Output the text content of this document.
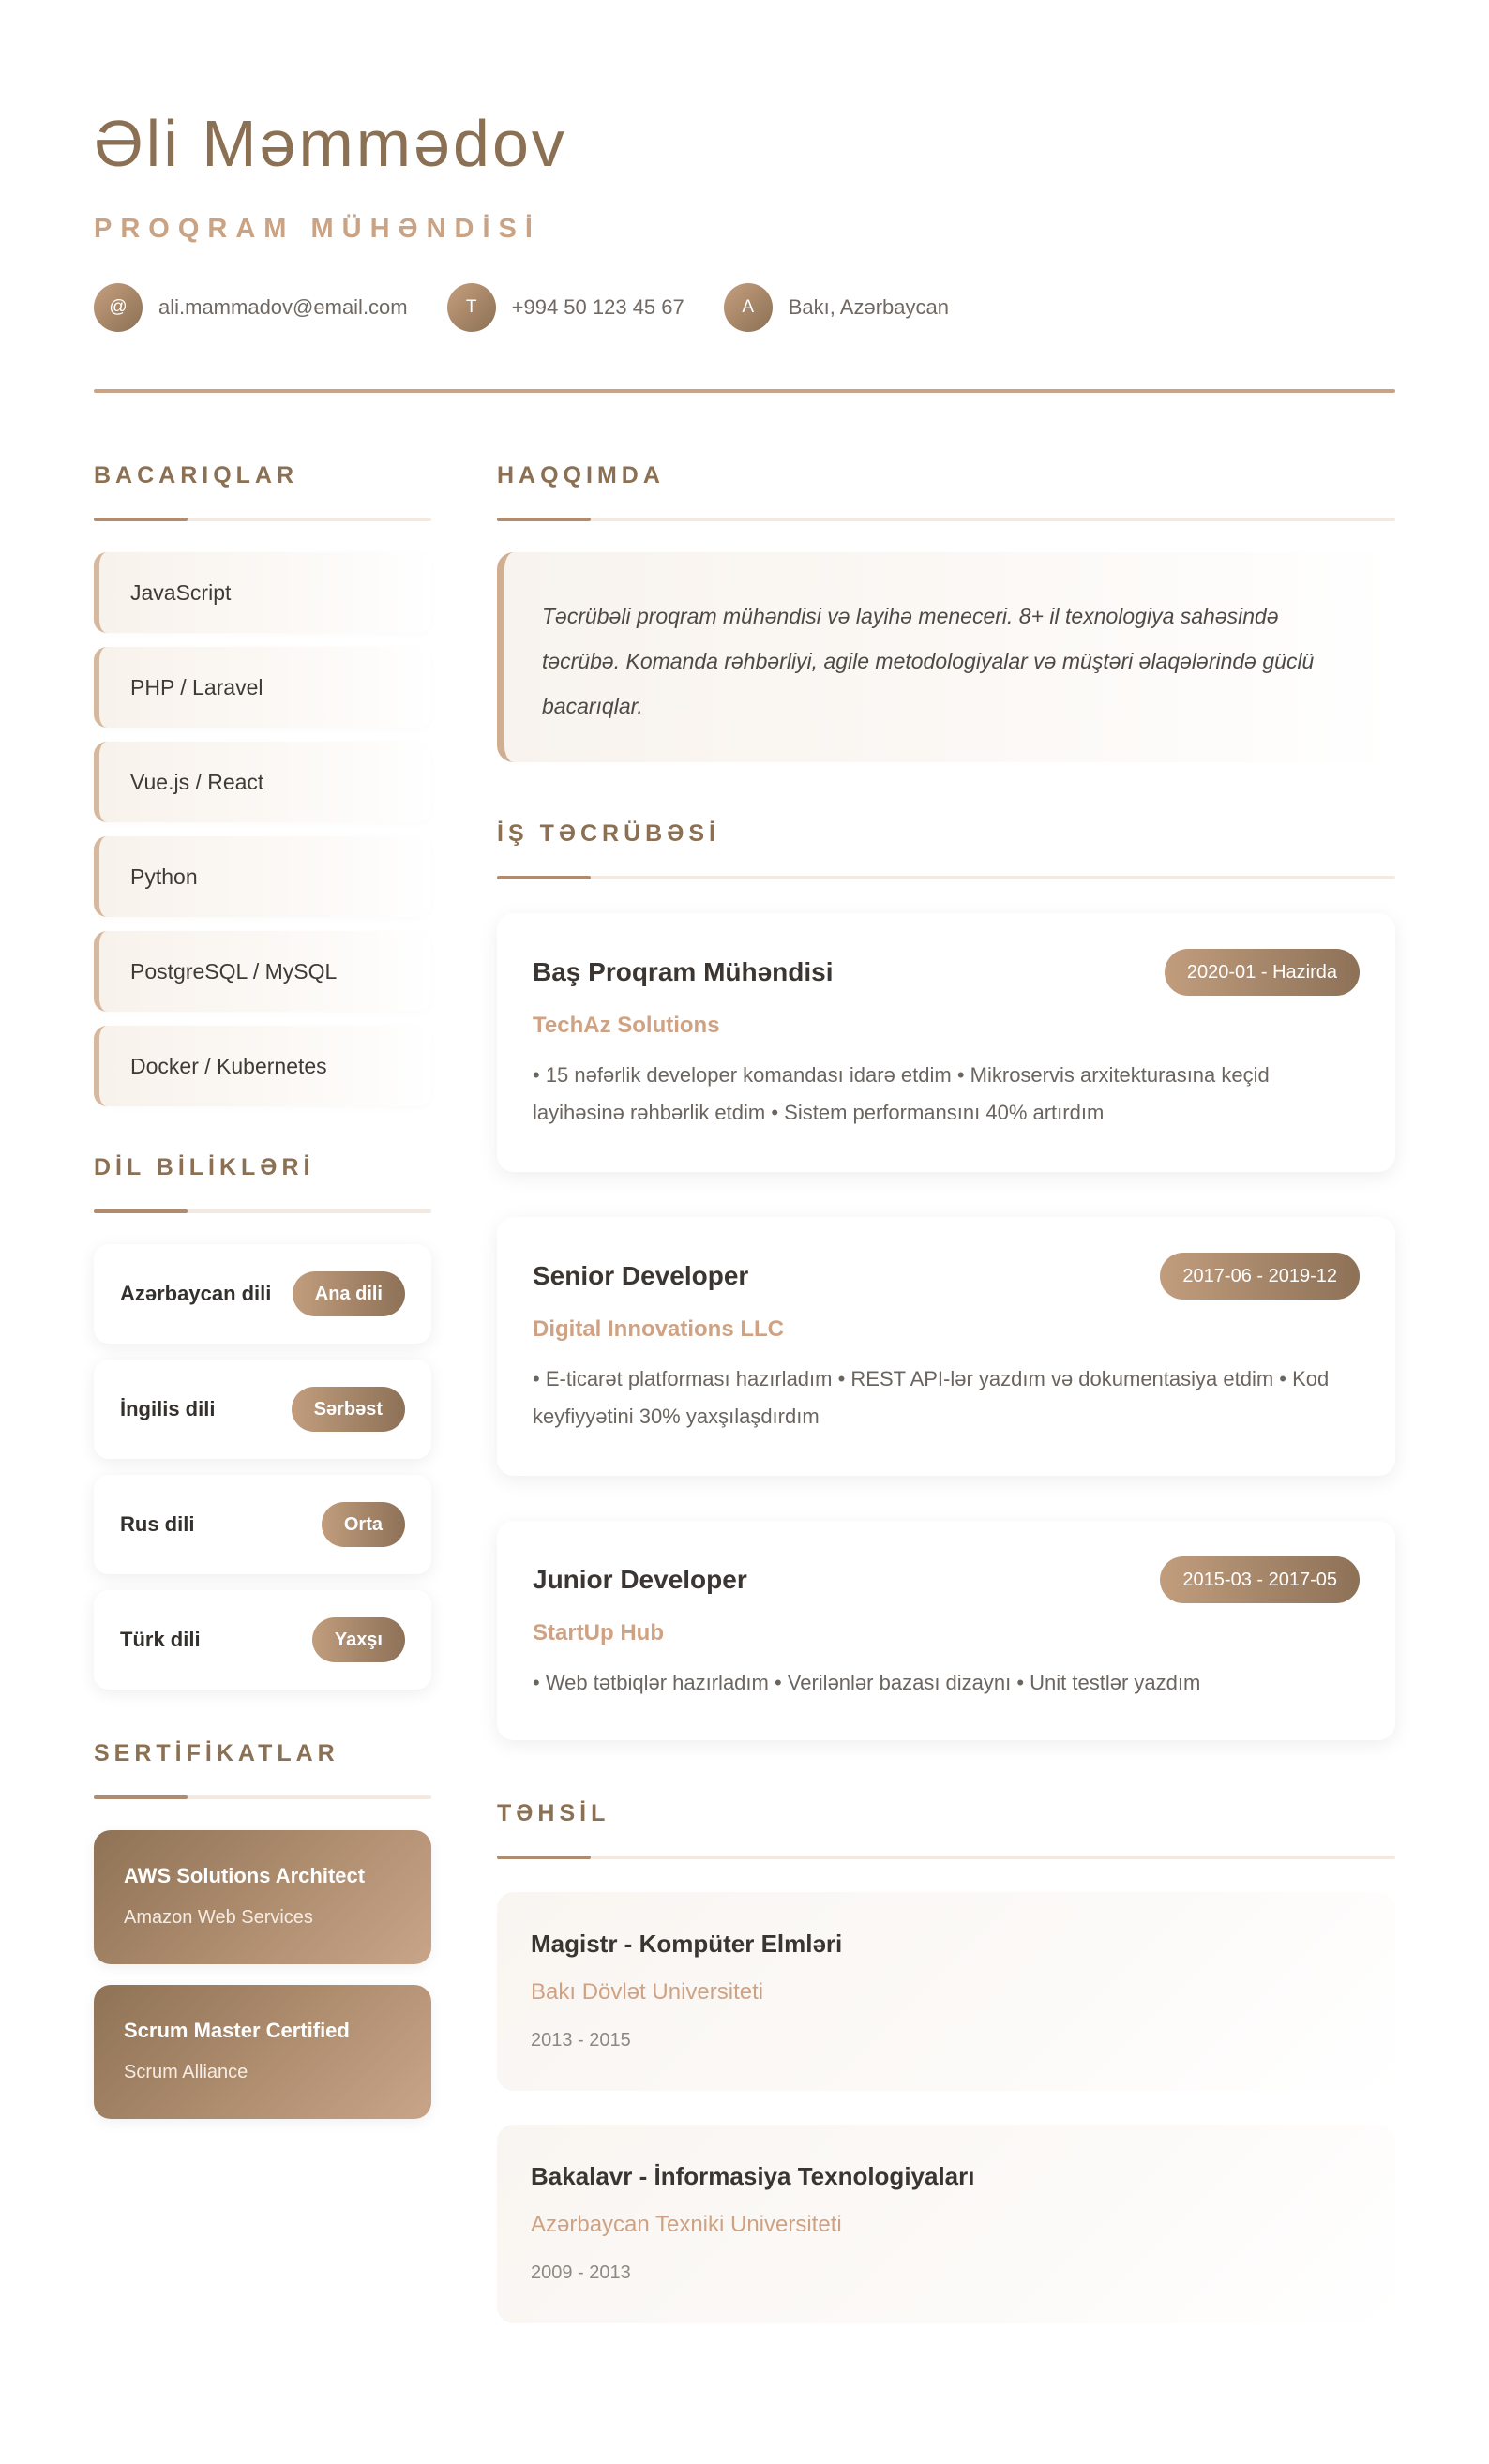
Əli Məmmədov
PROQRAM MÜHƏNDİSİ
@	ali.mammadov@email.com	T	+994 50 123 45 67	A	Bakı, Azərbaycan
BACARIQLAR
JavaScript
PHP / Laravel
Vue.js / React
Python
PostgreSQL / MySQL
Docker / Kubernetes
DİL BİLİKLƏRİ
Azərbaycan dili	Ana dili
İngilis dili	Sərbəst
Rus dili	Orta
Türk dili	Yaxşı
SERTİFİKATLAR
AWS Solutions Architect
Amazon Web Services
Scrum Master Certified
Scrum Alliance
HAQQIMDA
Təcrübəli proqram mühəndisi və layihə meneceri. 8+ il texnologiya sahəsində təcrübə. Komanda rəhbərliyi, agile metodologiyalar və müştəri əlaqələrində güclü bacarıqlar.
İŞ TƏCRÜBƏSİ
Baş Proqram Mühəndisi	2020-01 - Hazirda
TechAz Solutions
• 15 nəfərlik developer komandası idarə etdim • Mikroservis arxitekturasına keçid layihəsinə rəhbərlik etdim • Sistem performansını 40% artırdım
Senior Developer	2017-06 - 2019-12
Digital Innovations LLC
• E-ticarət platforması hazırladım • REST API-lər yazdım və dokumentasiya etdim • Kod keyfiyyətini 30% yaxşılaşdırdım
Junior Developer	2015-03 - 2017-05
StartUp Hub
• Web tətbiqlər hazırladım • Verilənlər bazası dizaynı • Unit testlər yazdım
TƏHSİL
Magistr - Kompüter Elmləri
Bakı Dövlət Universiteti
2013 - 2015
Bakalavr - İnformasiya Texnologiyaları
Azərbaycan Texniki Universiteti
2009 - 2013
